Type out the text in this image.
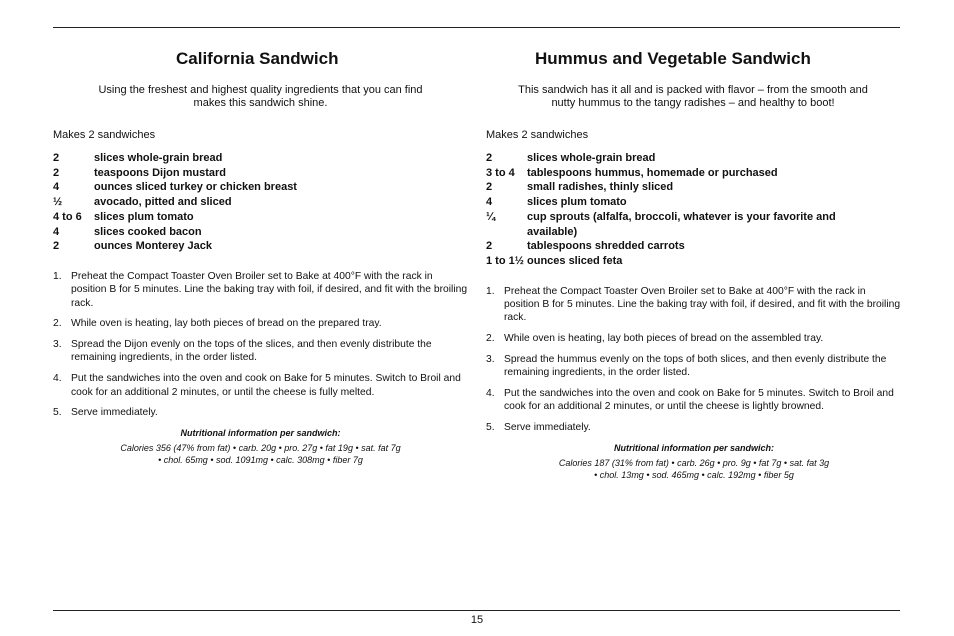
California Sandwich
Using the freshest and highest quality ingredients that you can find
makes this sandwich shine.

Makes 2 sandwiches

2	slices whole-grain bread
2	teaspoons Dijon mustard
4	ounces sliced turkey or chicken breast
½	avocado, pitted and sliced
4 to 6	slices plum tomato
4	slices cooked bacon
2	ounces Monterey Jack
1. Preheat the Compact Toaster Oven Broiler set to Bake at 400°F with the rack in position B for 5 minutes. Line the baking tray with foil, if desired, and fit with the broiling rack.
2. While oven is heating, lay both pieces of bread on the prepared tray.
3. Spread the Dijon evenly on the tops of the slices, and then evenly distribute the remaining ingredients, in the order listed.
4. Put the sandwiches into the oven and cook on Bake for 5 minutes. Switch to Broil and cook for an additional 2 minutes, or until the cheese is fully melted.
5. Serve immediately.

Nutritional information per sandwich:

Calories 356 (47% from fat) • carb. 20g • pro. 27g • fat 19g • sat. fat 7g

• chol. 65mg • sod. 1091mg • calc. 308mg • fiber 7g

Hummus and Vegetable Sandwich
This sandwich has it all and is packed with flavor – from the smooth and
nutty hummus to the tangy radishes – and healthy to boot!

Makes 2 sandwiches

2	slices whole-grain bread
3 to 4	tablespoons hummus, homemade or purchased
2	small radishes, thinly sliced
4	slices plum tomato
¼	cup sprouts (alfalfa, broccoli, whatever is your favorite and available)
2	tablespoons shredded carrots
1 to 1½ ounces sliced feta
1. Preheat the Compact Toaster Oven Broiler set to Bake at 400°F with the rack in position B for 5 minutes. Line the baking tray with foil, if desired, and fit with the broiling rack.
2. While oven is heating, lay both pieces of bread on the assembled tray.
3. Spread the hummus evenly on the tops of both slices, and then evenly distribute the remaining ingredients, in the order listed.
4. Put the sandwiches into the oven and cook on Bake for 5 minutes. Switch to Broil and cook for an additional 2 minutes, or until the cheese is lightly browned.
5. Serve immediately.

Nutritional information per sandwich:

Calories 187 (31% from fat) • carb. 26g • pro. 9g • fat 7g • sat. fat 3g

• chol. 13mg • sod. 465mg • calc. 192mg • fiber 5g

15
